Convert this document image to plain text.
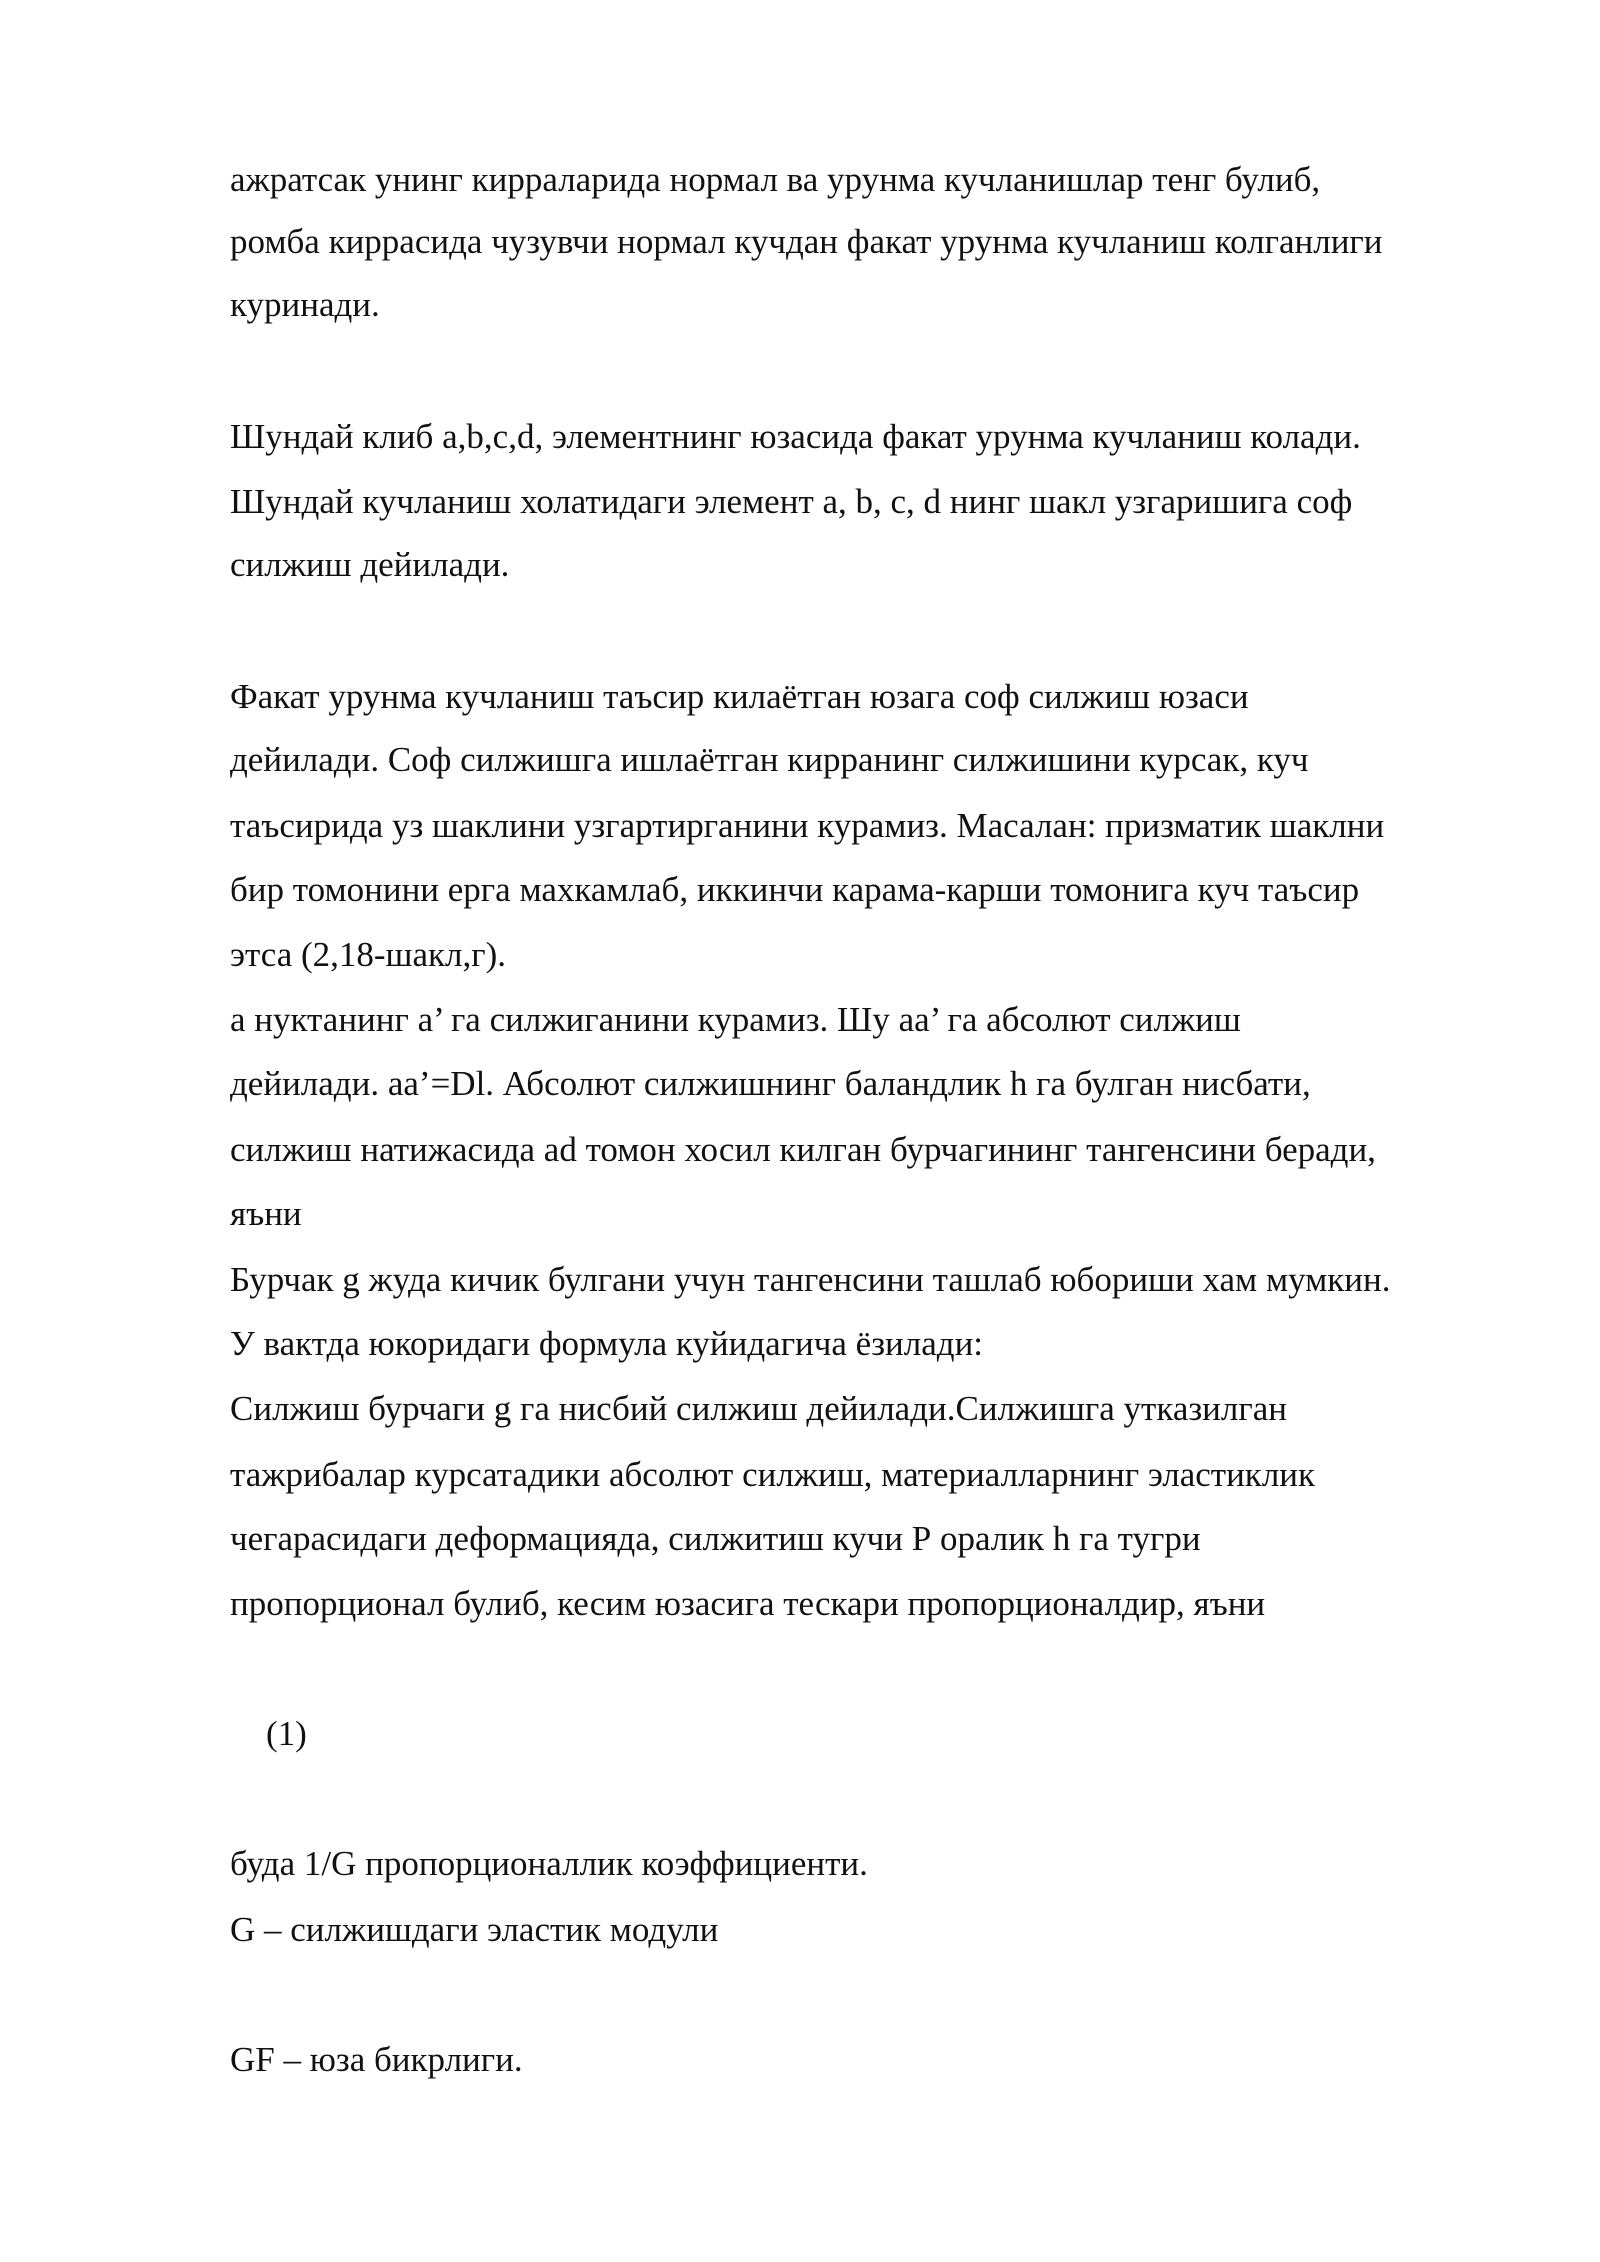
ажратсак унинг кирраларида нормал ва урунма кучланишлар тенг булиб,
ромба киррасида чузувчи нормал кучдан факат урунма кучланиш колганлиги
куринади.
Шундай клиб a,b,c,d, элементнинг юзасида факат урунма кучланиш колади.
Шундай кучланиш холатидаги элемент a, b, c, d нинг шакл узгаришига соф
силжиш дейилади.
Факат урунма кучланиш таъсир килаётган юзага соф силжиш юзаси
дейилади. Соф силжишга ишлаётган кирранинг силжишини курсак, куч
таъсирида уз шаклини узгартирганини курамиз. Масалан: призматик шаклни
бир томонини ерга махкамлаб, иккинчи карама-карши томонига куч таъсир
этса (2,18-шакл,г).
а нуктанинг а’ га силжиганини курамиз. Шу аа’ га абсолют силжиш
дейилади. аа’=Dl. Абсолют силжишнинг баландлик h га булган нисбати,
силжиш натижасида ad томон хосил килган бурчагининг тангенсини беради,
яъни
Бурчак g жуда кичик булгани учун тангенсини ташлаб юбориши хам мумкин.
У вактда юкоридаги формула куйидагича ёзилади:
Силжиш бурчаги g га нисбий силжиш дейилади.Силжишга утказилган
тажрибалар курсатадики абсолют силжиш, материалларнинг эластиклик
чегарасидаги деформацияда, силжитиш кучи Р оралик h га тугри
пропорционал булиб, кесим юзасига тескари пропорционалдир, яъни
(1)
буда 1/G пропорционаллик коэффициенти.
G – силжишдаги эластик модули
GF – юза бикрлиги.
